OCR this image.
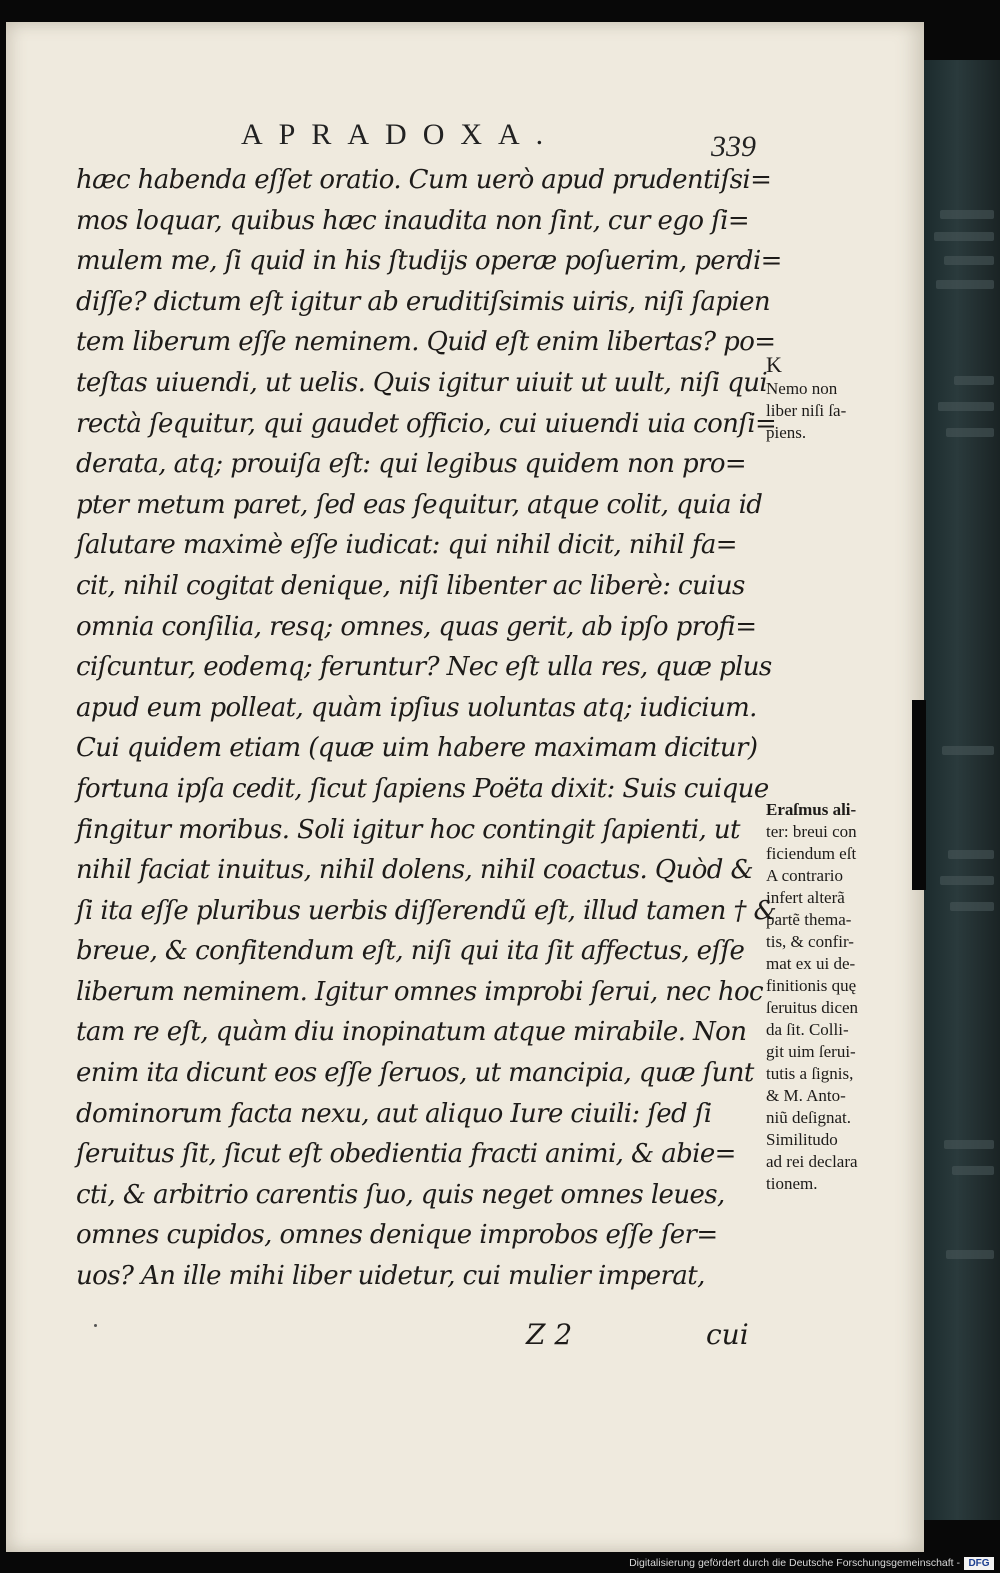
APRADOXA.	339
hæc habenda eſſet oratio. Cum uerò apud prudentiſsi=
mos loquar, quibus hæc inaudita non ſint, cur ego ſi=
mulem me, ſi quid in his ſtudijs operæ poſuerim, perdi=
diſſe? dictum eſt igitur ab eruditiſsimis uiris, niſi ſapien
tem liberum eſſe neminem. Quid eſt enim libertas? po=
teſtas uiuendi, ut uelis. Quis igitur uiuit ut uult, niſi qui
rectà ſequitur, qui gaudet officio, cui uiuendi uia conſi=
derata, atq; prouiſa eſt: qui legibus quidem non pro=
pter metum paret, ſed eas ſequitur, atque colit, quia id
ſalutare maximè eſſe iudicat: qui nihil dicit, nihil fa=
cit, nihil cogitat denique, niſi libenter ac liberè: cuius
omnia conſilia, resq; omnes, quas gerit, ab ipſo profi=
ciſcuntur, eodemq; feruntur? Nec eſt ulla res, quæ plus
apud eum polleat, quàm ipſius uoluntas atq; iudicium.
Cui quidem etiam (quæ uim habere maximam dicitur)
fortuna ipſa cedit, ſicut ſapiens Poëta dixit: Suis cuique
fingitur moribus. Soli igitur hoc contingit ſapienti, ut
nihil faciat inuitus, nihil dolens, nihil coactus. Quòd &
ſi ita eſſe pluribus uerbis diſſerendũ eſt, illud tamen † &
breue, & confitendum eſt, niſi qui ita ſit affectus, eſſe
liberum neminem. Igitur omnes improbi ſerui, nec hoc
tam re eſt, quàm diu inopinatum atque mirabile. Non
enim ita dicunt eos eſſe ſeruos, ut mancipia, quæ ſunt
dominorum facta nexu, aut aliquo Iure ciuili: ſed ſi
ſeruitus ſit, ſicut eſt obedientia fracti animi, & abie=
cti, & arbitrio carentis ſuo, quis neget omnes leues,
omnes cupidos, omnes denique improbos eſſe ſer=
uos? An ille mihi liber uidetur, cui mulier imperat,
K
Nemo non
liber niſi ſa-
piens.
Eraſmus ali-
ter: breui con
ficiendum eſt
A contrario
infert alterã
partẽ thema-
tis, & confir-
mat ex ui de-
finitionis quę
ſeruitus dicen
da ſit. Colli-
git uim ſerui-
tutis a ſignis,
& M. Anto-
niũ deſignat.
Similitudo
ad rei declara
tionem.
Z 2	cui
Digitalisierung gefördert durch die Deutsche Forschungsgemeinschaft - DFG
